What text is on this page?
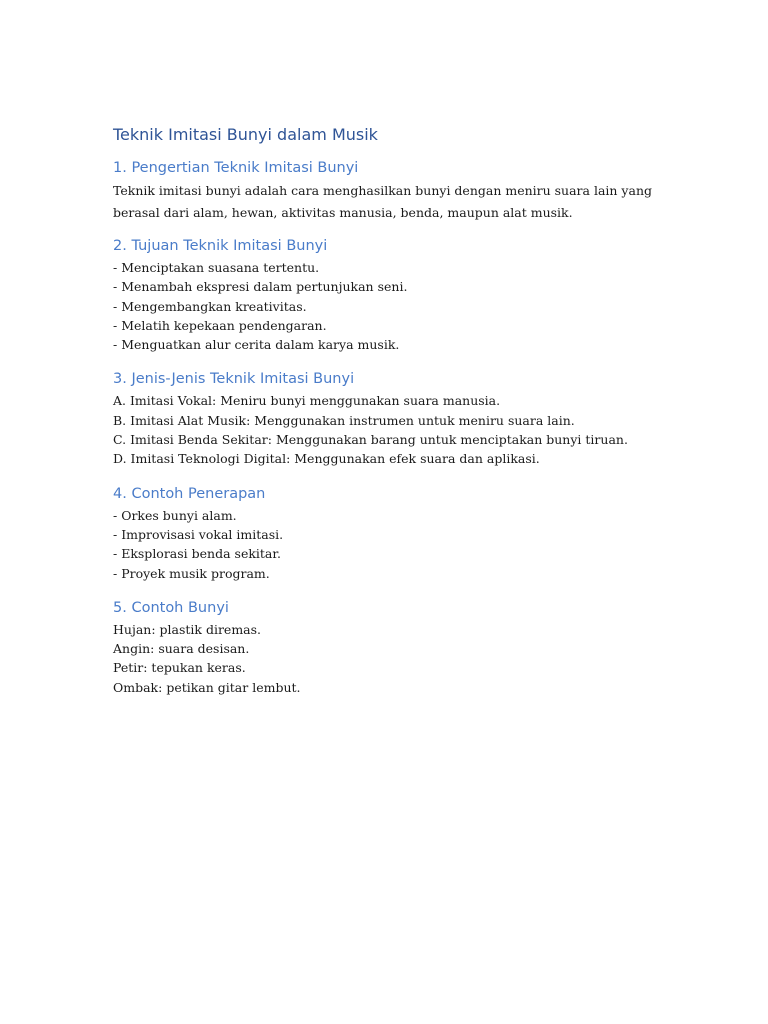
Teknik Imitasi Bunyi dalam Musik
1. Pengertian Teknik Imitasi Bunyi

Teknik imitasi bunyi adalah cara menghasilkan bunyi dengan meniru suara lain yang

berasal dari alam, hewan, aktivitas manusia, benda, maupun alat musik.

2. Tujuan Teknik Imitasi Bunyi

- Menciptakan suasana tertentu.

- Menambah ekspresi dalam pertunjukan seni.

- Mengembangkan kreativitas.

- Melatih kepekaan pendengaran.

- Menguatkan alur cerita dalam karya musik.

3. Jenis-Jenis Teknik Imitasi Bunyi

A. Imitasi Vokal: Meniru bunyi menggunakan suara manusia.

B. Imitasi Alat Musik: Menggunakan instrumen untuk meniru suara lain.

C. Imitasi Benda Sekitar: Menggunakan barang untuk menciptakan bunyi tiruan.

D. Imitasi Teknologi Digital: Menggunakan efek suara dan aplikasi.

4. Contoh Penerapan

- Orkes bunyi alam.

- Improvisasi vokal imitasi.

- Eksplorasi benda sekitar.

- Proyek musik program.

5. Contoh Bunyi

Hujan: plastik diremas.

Angin: suara desisan.

Petir: tepukan keras.

Ombak: petikan gitar lembut.
